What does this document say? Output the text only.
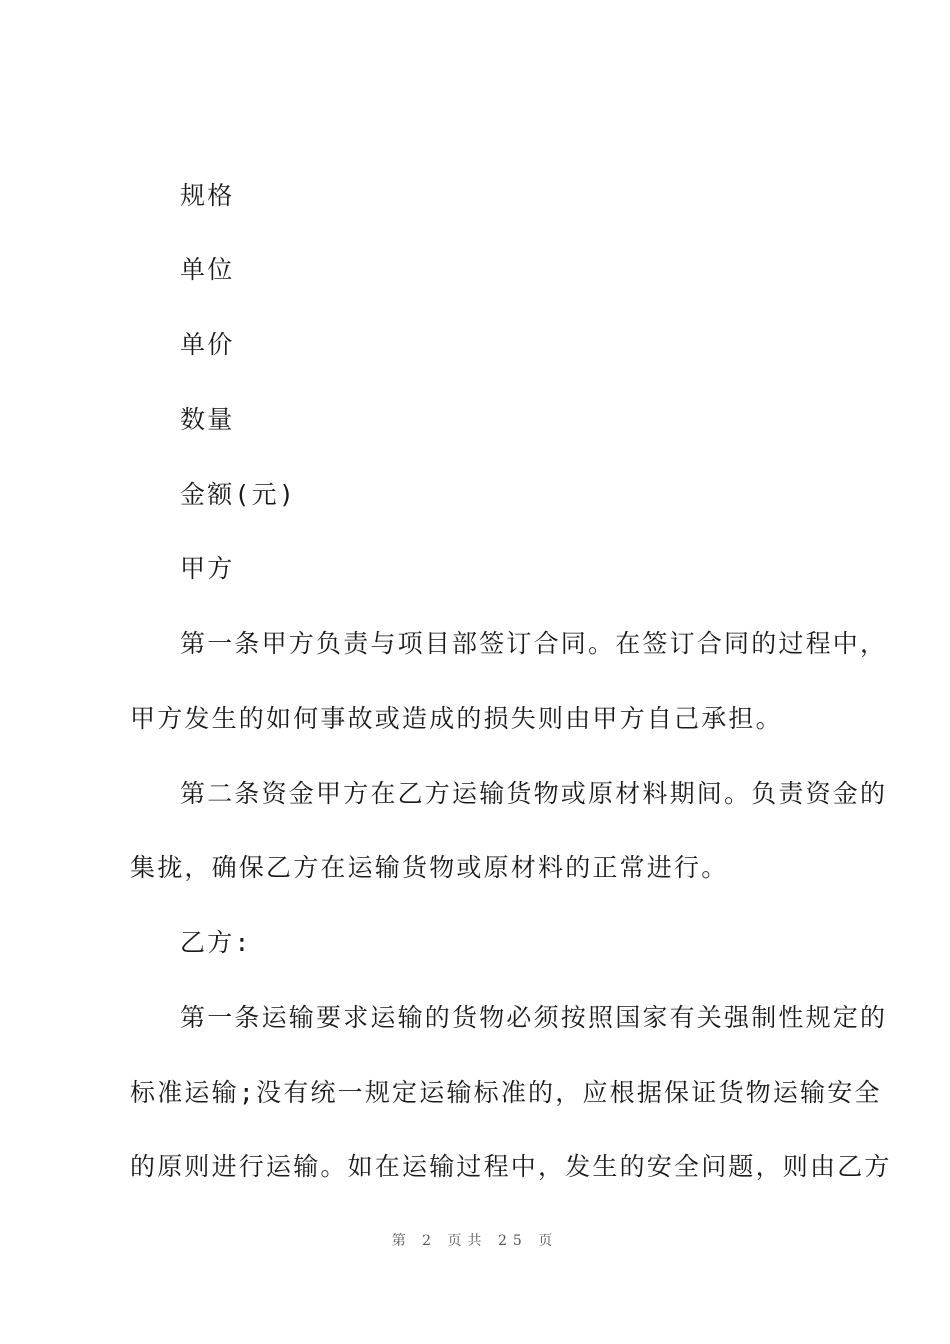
规格
单位
单价
数量
金额(元)
甲方
第一条甲方负责与项目部签订合同。在签订合同的过程中，
甲方发生的如何事故或造成的损失则由甲方自己承担。
第二条资金甲方在乙方运输货物或原材料期间。负责资金的
集拢，确保乙方在运输货物或原材料的正常进行。
乙方:
第一条运输要求运输的货物必须按照国家有关强制性规定的
标准运输;没有统一规定运输标准的，应根据保证货物运输安全
的原则进行运输。如在运输过程中，发生的安全问题，则由乙方
第 2 页共 25 页
